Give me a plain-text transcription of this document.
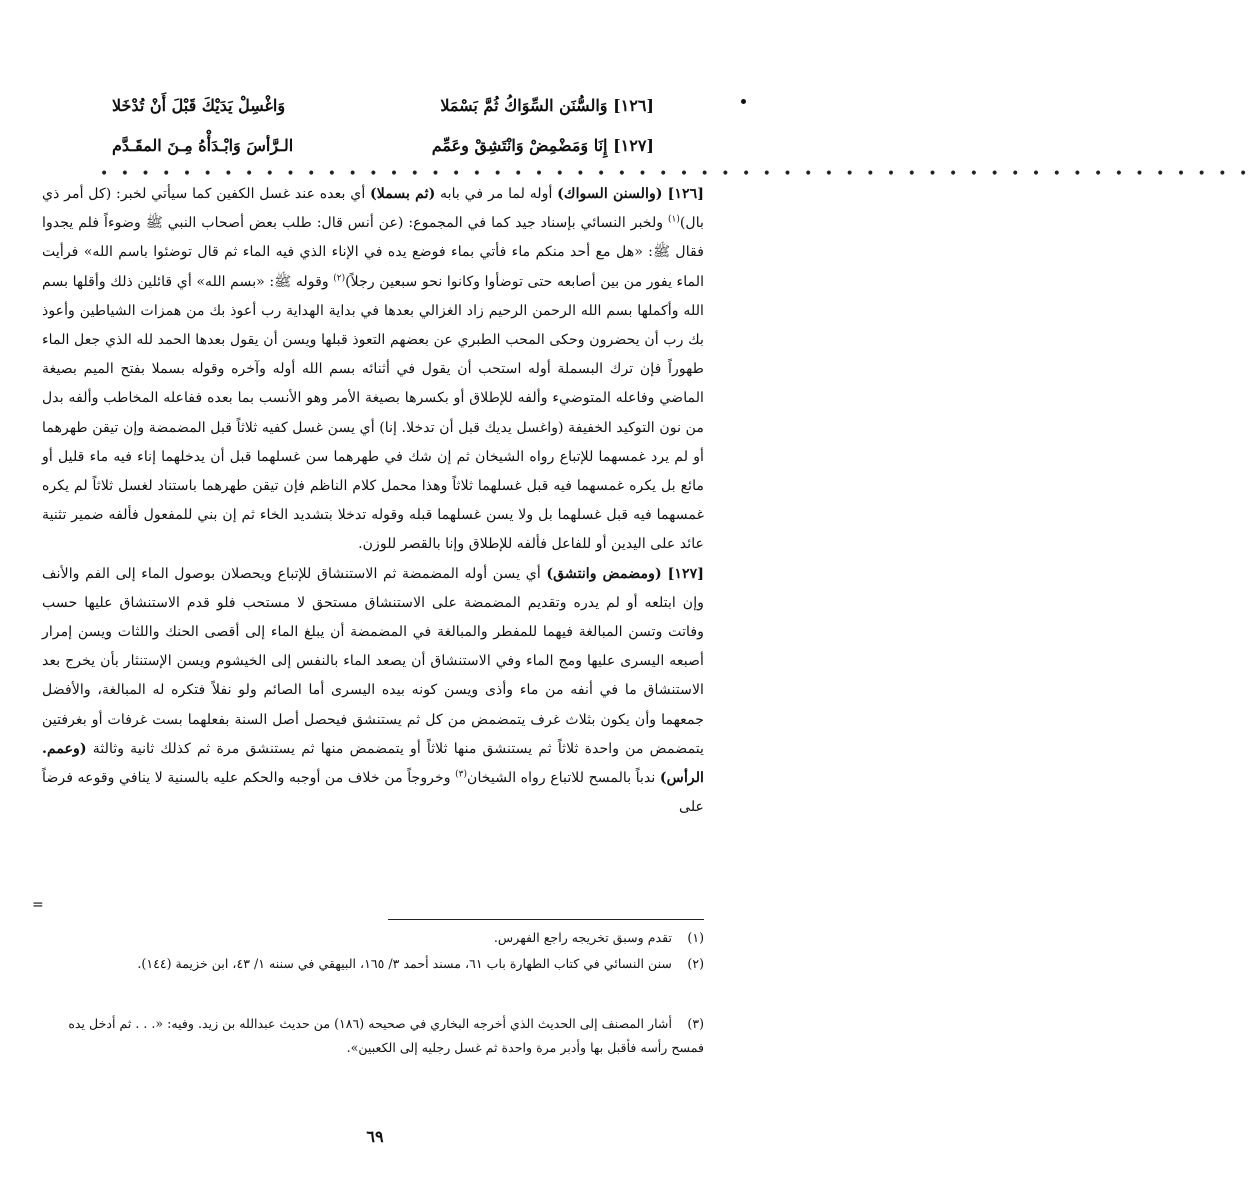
[١٢٦] وَالسُّنَن السِّوَاكُ ثُمَّ بَسْمَلا
وَاغْسِلْ يَدَيْكَ قَبْلَ أَنْ تُدْخَلا
[١٢٧] إِنَا وَمَضْمِضْ وَانْتَشِقْ وعَمِّم
الـرَّأسَ وَابْـدَأْهُ مِـنَ المقَـدَّم
• • • • • • • • • • • • • • • • • • • • • • • • • • • • • • • • • • • • • • • • • • • • • • • • • • • • • • • •

[١٢٦] (والسنن السواك) أوله لما مر في بابه (ثم بسملا) أي بعده عند غسل الكفين كما سيأتي لخبر: (كل أمر ذي بال)$^{(١)}$ ولخبر النسائي بإسناد جيد كما في المجموع: (عن أنس قال: طلب بعض أصحاب النبي ﷺ وضوءاً فلم يجدوا فقال ﷺ: «هل مع أحد منكم ماء فأتي بماء فوضع يده في الإناء الذي فيه الماء ثم قال توضئوا باسم الله» فرأيت الماء يفور من بين أصابعه حتى توضأوا وكانوا نحو سبعين رجلاً)$^{(٢)}$ وقوله ﷺ: «بسم الله» أي قائلين ذلك وأقلها بسم الله وأكملها بسم الله الرحمن الرحيم زاد الغزالي بعدها في بداية الهداية رب أعوذ بك من همزات الشياطين وأعوذ بك رب أن يحضرون وحكى المحب الطبري عن بعضهم التعوذ قبلها ويسن أن يقول بعدها الحمد لله الذي جعل الماء طهوراً فإن ترك البسملة أوله استحب أن يقول في أثنائه بسم الله أوله وآخره وقوله بسملا بفتح الميم بصيغة الماضي وفاعله المتوضيء وألفه للإطلاق أو بكسرها بصيغة الأمر وهو الأنسب بما بعده ففاعله المخاطب وألفه بدل من نون التوكيد الخفيفة (واغسل يديك قبل أن تدخلا. إنا) أي يسن غسل كفيه ثلاثاً قبل المضمضة وإن تيقن طهرهما أو لم يرد غمسهما للإتباع رواه الشيخان ثم إن شك في طهرهما سن غسلهما قبل أن يدخلهما إناء فيه ماء قليل أو مائع بل يكره غمسهما فيه قبل غسلهما ثلاثاً وهذا محمل كلام الناظم فإن تيقن طهرهما باستناد لغسل ثلاثاً لم يكره غمسهما فيه قبل غسلهما بل ولا يسن غسلهما قبله وقوله تدخلا بتشديد الخاء ثم إن بني للمفعول فألفه ضمير تثنية عائد على اليدين أو للفاعل فألفه للإطلاق وإنا بالقصر للوزن.

[١٢٧] (ومضمض وانتشق) أي يسن أوله المضمضة ثم الاستنشاق للإتباع ويحصلان بوصول الماء إلى الفم والأنف وإن ابتلعه أو لم يدره وتقديم المضمضة على الاستنشاق مستحق لا مستحب فلو قدم الاستنشاق عليها حسب وفاتت وتسن المبالغة فيهما للمفطر والمبالغة في المضمضة أن يبلغ الماء إلى أقصى الحنك واللثات ويسن إمرار أصبعه اليسرى عليها ومج الماء وفي الاستنشاق أن يصعد الماء بالنفس إلى الخيشوم ويسن الإستنثار بأن يخرج بعد الاستنشاق ما في أنفه من ماء وأذى ويسن كونه بيده اليسرى أما الصائم ولو نفلاً فتكره له المبالغة، والأفضل جمعهما وأن يكون بثلاث غرف يتمضمض من كل ثم يستنشق فيحصل أصل السنة بفعلهما بست غرفات أو بغرفتين يتمضمض من واحدة ثلاثاً ثم يستنشق منها ثلاثاً أو يتمضمض منها ثم يستنشق مرة ثم كذلك ثانية وثالثة (وعمم. الرأس) ندباً بالمسح للاتباع رواه الشيخان$^{(٣)}$ وخروجاً من خلاف من أوجبه والحكم عليه بالسنية لا ينافي وقوعه فرضاً على

=
(١)تقدم وسبق تخريجه راجع الفهرس.
(٢)سنن النسائي في كتاب الطهارة باب ٦١، مسند أحمد ٣/ ١٦٥، البيهقي في سننه ١/ ٤٣، ابن خزيمة (١٤٤).
(٣)أشار المصنف إلى الحديث الذي أخرجه البخاري في صحيحه (١٨٦) من حديث عبدالله بن زيد. وفيه: «. . . ثم أدخل يده فمسح رأسه فأقبل بها وأدبر مرة واحدة ثم غسل رجليه إلى الكعبين».
٦٩
